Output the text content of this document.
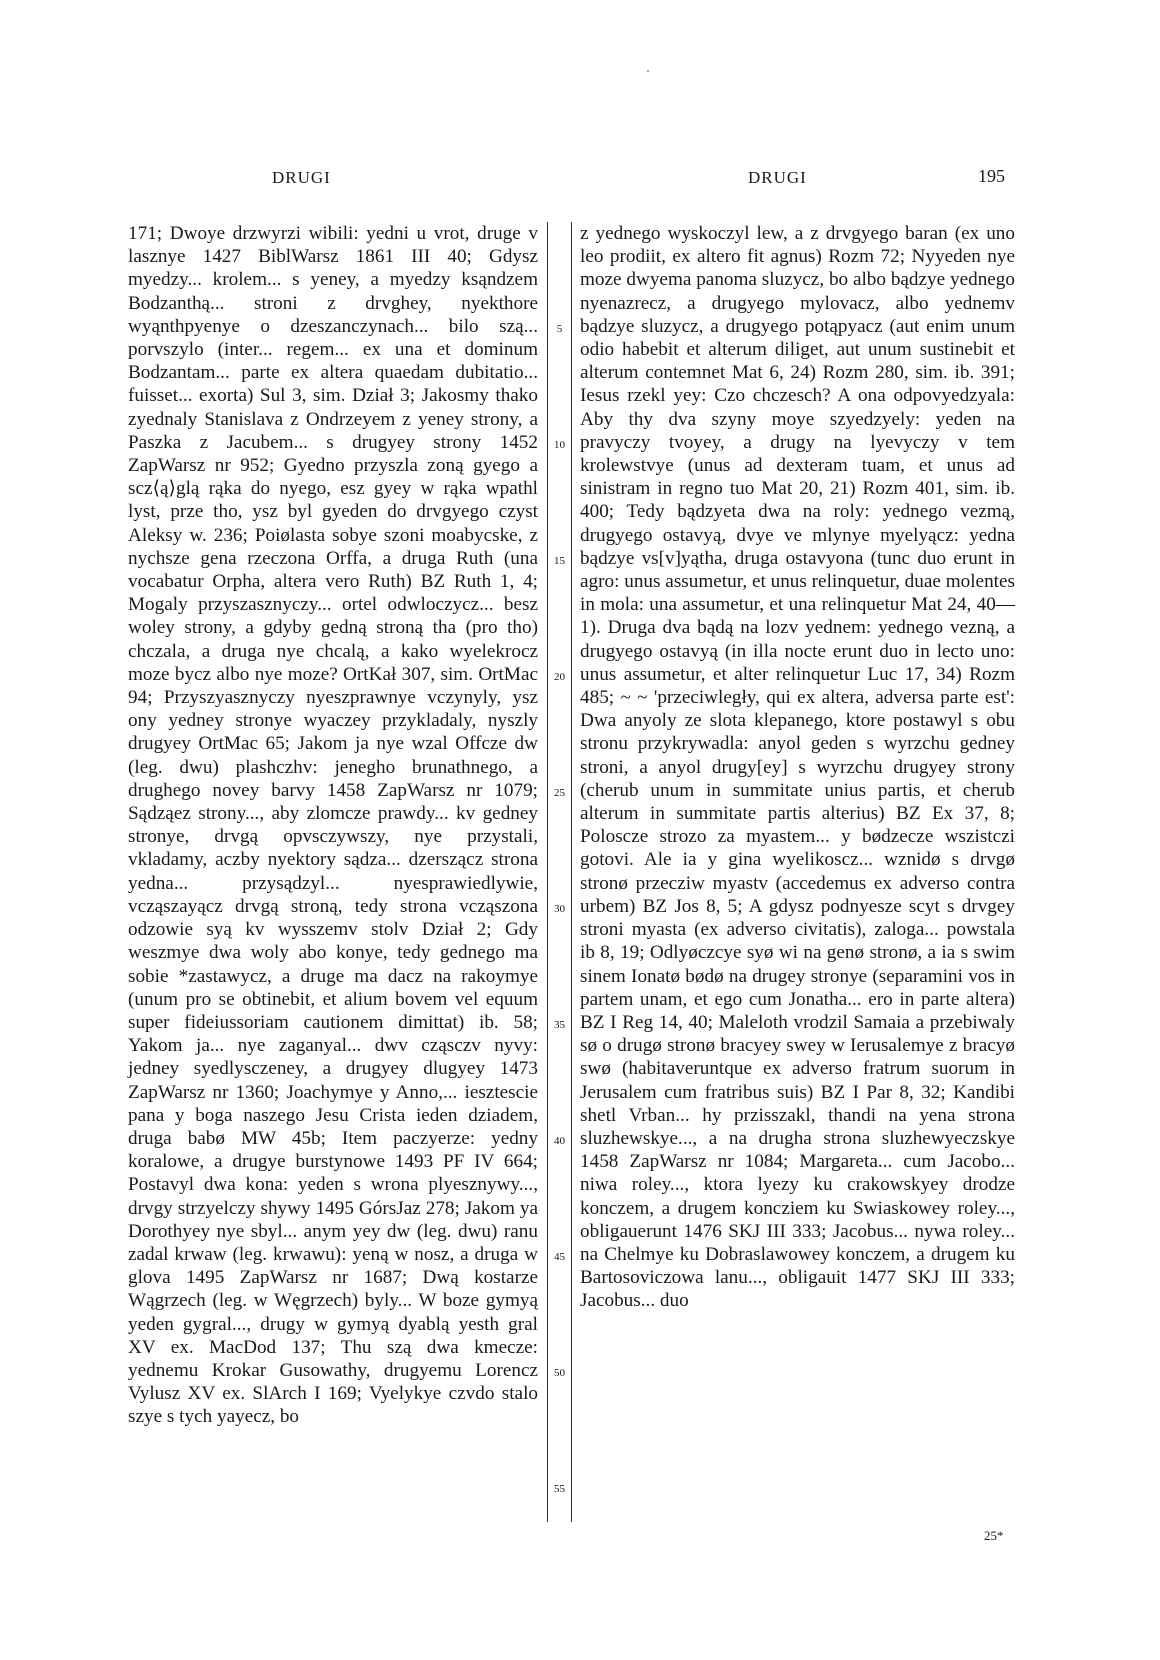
DRUGI	DRUGI	195
171; Dwoye drzwyrzi wibili: yedni u vrot, druge v lasznye 1427 BiblWarsz 1861 III 40; Gdysz myedzy... krolem... s yeney, a myedzy ksąndzem Bodzanthą... stroni z drvghey, nyekthore wyąnthpyenye o dzeszanczynach... bilo szą... porvszylo (inter... regem... ex una et dominum Bodzantam... parte ex altera quaedam dubitatio... fuisset... exorta) Sul 3, sim. Dział 3; Jakosmy thako zyednaly Stanislava z Ondrzeyem z yeney strony, a Paszka z Jacubem... s drugyey strony 1452 ZapWarsz nr 952; Gyedno przyszla zoną gyego a scz⟨ą⟩glą rąka do nyego, esz gyey w rąka wpathl lyst, prze tho, ysz byl gyeden do drvgyego czyst Aleksy w. 236; Poiølasta sobye szoni moabycske, z nychsze gena rzeczona Orffa, a druga Ruth (una vocabatur Orpha, altera vero Ruth) BZ Ruth 1, 4; Mogaly przyszasznyczy... ortel odwloczycz... besz woley strony, a gdyby gedną stroną tha (pro tho) chczala, a druga nye chcalą, a kako wyelekrocz moze bycz albo nye moze? OrtKał 307, sim. OrtMac 94; Przyszyasznyczy nyeszprawnye vczynyly, ysz ony yedney stronye wyaczey przykladaly, nyszly drugyey OrtMac 65; Jakom ja nye wzal Offcze dw (leg. dwu) plashczhv: jenegho brunathnego, a drughego novey barvy 1458 ZapWarsz nr 1079; Sądząez strony..., aby zlomcze prawdy... kv gedney stronye, drvgą opvsczywszy, nye przystali, vkladamy, aczby nyektory sądza... dzerszącz strona yedna... przysądzyl... nyesprawiedlywie, vcząszayącz drvgą stroną, tedy strona vcząszona odzowie syą kv wysszemv stolv Dział 2; Gdy weszmye dwa woly abo konye, tedy gednego ma sobie *zastawycz, a druge ma dacz na rakoymye (unum pro se obtinebit, et alium bovem vel equum super fideiussoriam cautionem dimittat) ib. 58; Yakom ja... nye zaganyal... dwv cząsczv nyvy: jedney syedlysczeney, a drugyey dlugyey 1473 ZapWarsz nr 1360; Joachymye y Anno,... iesztescie pana y boga naszego Jesu Crista ieden dziadem, druga babø MW 45b; Item paczyerze: yedny koralowe, a drugye burstynowe 1493 PF IV 664; Postavyl dwa kona: yeden s wrona plyesznywy..., drvgy strzyelczy shywy 1495 GórsJaz 278; Jakom ya Dorothyey nye sbyl... anym yey dw (leg. dwu) ranu zadal krwaw (leg. krwawu): yeną w nosz, a druga w glova 1495 ZapWarsz nr 1687; Dwą kostarze Wągrzech (leg. w Węgrzech) byly... W boze gymyą yeden gygral..., drugy w gymyą dyablą yesth gral XV ex. MacDod 137; Thu szą dwa kmecze: yednemu Krokar Gusowathy, drugyemu Lorencz Vylusz XV ex. SlArch I 169; Vyelykye czvdo stalo szye s tych yayecz, bo
5
10
15
20
25
30
35
40
45
50
55
z yednego wyskoczyl lew, a z drvgyego baran (ex uno leo prodiit, ex altero fit agnus) Rozm 72; Nyyeden nye moze dwyema panoma sluzycz, bo albo bądzye yednego nyenazrecz, a drugyego mylovacz, albo yednemv bądzye sluzycz, a drugyego potąpyacz (aut enim unum odio habebit et alterum diliget, aut unum sustinebit et alterum contemnet Mat 6, 24) Rozm 280, sim. ib. 391; Iesus rzekl yey: Czo chczesch? A ona odpovyedzyala: Aby thy dva szyny moye szyedzyely: yeden na pravyczy tvoyey, a drugy na lyevyczy v tem krolewstvye (unus ad dexteram tuam, et unus ad sinistram in regno tuo Mat 20, 21) Rozm 401, sim. ib. 400; Tedy bądzyeta dwa na roly: yednego vezmą, drugyego ostavyą, dvye ve mlynye myelyącz: yedna bądzye vs[v]yątha, druga ostavyona (tunc duo erunt in agro: unus assumetur, et unus relinquetur, duae molentes in mola: una assumetur, et una relinquetur Mat 24, 40—1). Druga dva bądą na lozv yednem: yednego vezną, a drugyego ostavyą (in illa nocte erunt duo in lecto uno: unus assumetur, et alter relinquetur Luc 17, 34) Rozm 485; ~ ~ 'przeciwległy, qui ex altera, adversa parte est': Dwa anyoly ze slota klepanego, ktore postawyl s obu stronu przykrywadla: anyol geden s wyrzchu gedney stroni, a anyol drugy[ey] s wyrzchu drugyey strony (cherub unum in summitate unius partis, et cherub alterum in summitate partis alterius) BZ Ex 37, 8; Poloscze strozo za myastem... y bødzecze wszistczi gotovi. Ale ia y gina wyelikoscz... wznidø s drvgø stronø przecziw myastv (accedemus ex adverso contra urbem) BZ Jos 8, 5; A gdysz podnyesze scyt s drvgey stroni myasta (ex adverso civitatis), zaloga... powstala ib 8, 19; Odlyøczcye syø wi na genø stronø, a ia s swim sinem Ionatø bødø na drugey stronye (separamini vos in partem unam, et ego cum Jonatha... ero in parte altera) BZ I Reg 14, 40; Maleloth vrodzil Samaia a przebiwaly sø o drugø stronø bracyey swey w Ierusalemye z bracyø swø (habitaveruntque ex adverso fratrum suorum in Jerusalem cum fratribus suis) BZ I Par 8, 32; Kandibi shetl Vrban... hy przisszakl, thandi na yena strona sluzhewskye..., a na drugha strona sluzhewyeczskye 1458 ZapWarsz nr 1084; Margareta... cum Jacobo... niwa roley..., ktora lyezy ku crakowskyey drodze konczem, a drugem koncziem ku Swiaskowey roley..., obligauerunt 1476 SKJ III 333; Jacobus... nywa roley... na Chelmye ku Dobraslawowey konczem, a drugem ku Bartosoviczowa lanu..., obligauit 1477 SKJ III 333; Jacobus... duo
25*
